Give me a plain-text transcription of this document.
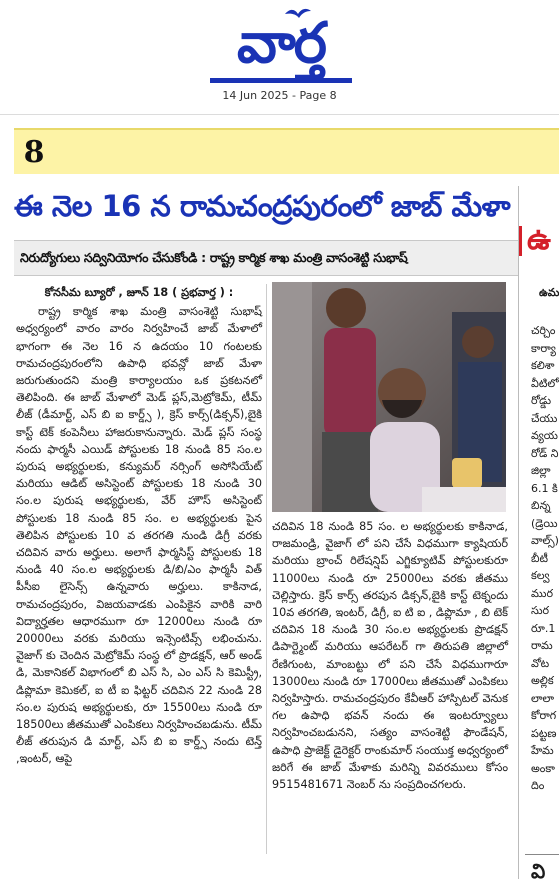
వార్త
14 Jun 2025 - Page 8
8
ఈ నెల 16 న రామచంద్రపురంలో జాబ్ మేళా
నిరుద్యోగులు సద్వినియోగం చేసుకోండి : రాష్ట్ర కార్మిక శాఖ మంత్రి వాసంశెట్టి సుభాష్
కోనసీమ బ్యూరో , జూన్ 18 ( ప్రభవార్త ) :

రాష్ట్ర కార్మిక శాఖ మంత్రి వాసంశెట్టి సుభాష్ అధ్వర్యంలో వారం వారం నిర్వహించే జాబ్ మేళాలో భాగంగా ఈ నెల 16 న ఉదయం 10 గంటలకు రామచంద్రపురంలోని ఉపాధి భవన్లో జాబ్ మేళా జరుగుతుందని మంత్రి కార్యాలయం ఒక ప్రకటనలో తెలిపింది. ఈ జాబ్ మేళాలో మెడ్ ప్లస్,మెట్రోకెమ్, టీమ్ లీజ్ (డీమార్ట్, ఎస్ బి ఐ కార్డ్స్ ), క్రెస్ కార్స్(డిక్సన్),బైకి కాస్ట్ టెక్ కంపెనీలు హాజరుకానున్నారు. మెడ్ ప్లస్ సంస్థ నందు ఫార్మసీ ఎయిడ్ పోస్టులకు 18 నుండి 85 సం.ల పురుష అభ్యర్థులకు, కన్యుమర్ నర్సింగ్ అసోసియేట్ మరియు ఆడిట్ అసిస్టెంట్ పోస్టులకు 18 నుండి 30 సం.ల పురుష అభ్యర్థులకు, వేర్ హౌస్ అసిస్టెంట్ పోస్టులకు 18 నుండి 85 సం. ల అభ్యర్థులకు పైన తెలిపిన పోస్టులకు 10 వ తరగతి నుండి డిగ్రీ వరకు చదివిన వారు అర్హులు. అలాగే ఫార్మసిస్ట్ పోస్టులకు 18 నుండి 40 సం.ల అభ్యర్థులకు డి/బి/ఎం ఫార్మసీ విత్ పీసీఐ లైసెన్స్ ఉన్నవారు అర్హులు. కాకినాడ, రామచంద్రపురం, విజయవాడకు ఎంపికైన వారికి వారి విద్యార్హతల ఆధారముగా రూ 12000లు నుండి రూ 20000లు వరకు మరియు ఇన్సెంటివ్స్ లభించును. వైజాగ్ కు చెందిన మెట్రోకెమ్ సంస్థ లో ప్రొడక్షన్, ఆర్ అండ్ డి, మెకానికల్ విభాగంలో బి ఎస్ సి, ఎం ఎస్ సి కెమిస్ట్రీ, డిప్లొమా కెమికల్, ఐ టీ ఐ ఫిట్టర్ చదివిన 22 నుండి 28 సం.ల పురుష అభ్యర్థులకు, రూ 15500లు నుండి రూ 18500లు జీతముతో ఎంపికలు నిర్వహించబడును. టీమ్ లీజ్ తరుపున డి మార్ట్, ఎస్ బి ఐ కార్డ్స్ నందు టెన్త్ ,ఇంటర్, ఆపై

చదివిన 18 నుండి 85 సం. ల అభ్యర్థులకు కాకినాడ, రాజమండ్రి, వైజాగ్ లో పని చేసే విధముగా క్యాషియర్ మరియు బ్రాంచ్ రిలేషన్షిప్ ఎగ్జిక్యూటివ్ పోస్టులకురూ 11000లు నుండి రూ 25000లు వరకు జీతము చెల్లిస్తారు. క్రెస్ కార్స్ తరపున డిక్సన్,బైకి కాస్ట్ టెక్నందు 10వ తరగతి, ఇంటర్, డిగ్రీ, ఐ టి ఐ , డిప్లొమా , బి టెక్ చదివిన 18 నుండి 30 సం.ల అభ్యర్థులకు ప్రొడక్షన్ డిపార్ట్మెంట్ మరియు ఆపరేటర్ గా తిరుపతి జిల్లాలో రేణిగుంట, మాంబట్టు లో పని చేసే విధముగారూ 13000లు నుండి రూ 17000లు జీతముతో ఎంపికలు నిర్వహిస్తారు. రామచంద్రపురం కేవీఆర్ హాస్పిటల్ వెనుక గల ఉపాధి భవన్ నందు ఈ ఇంటర్వ్యూలు నిర్వహించబడునని, సత్యం వాసంశెట్టి ఫౌండేషన్, ఉపాధి ప్రాజెక్ట్ డైరెక్టర్ రాంకుమార్ సంయుక్త అధ్వర్యంలో జరిగే ఈ జాబ్ మేళాకు మరిన్ని వివరములు కోసం 9515481671 నెంబర్ ను సంప్రదించగలరు.

ఉ
ఉమ
చర్చిం
కార్యా
కలిశా
వీటిలో
రోడ్డు
చేయు
వ్యయ
రోడ్ ని
జిల్లా
6.1 కి
బిన్న
(డ్రెయి
వాల్స్)
బీటీ
కల్వ
ముర
సుర
రూ.1
రామ
వోట
అల్లిక
లాలా
కోరాగ
పట్టణ
హేమ
అంకా
దిం
వి
